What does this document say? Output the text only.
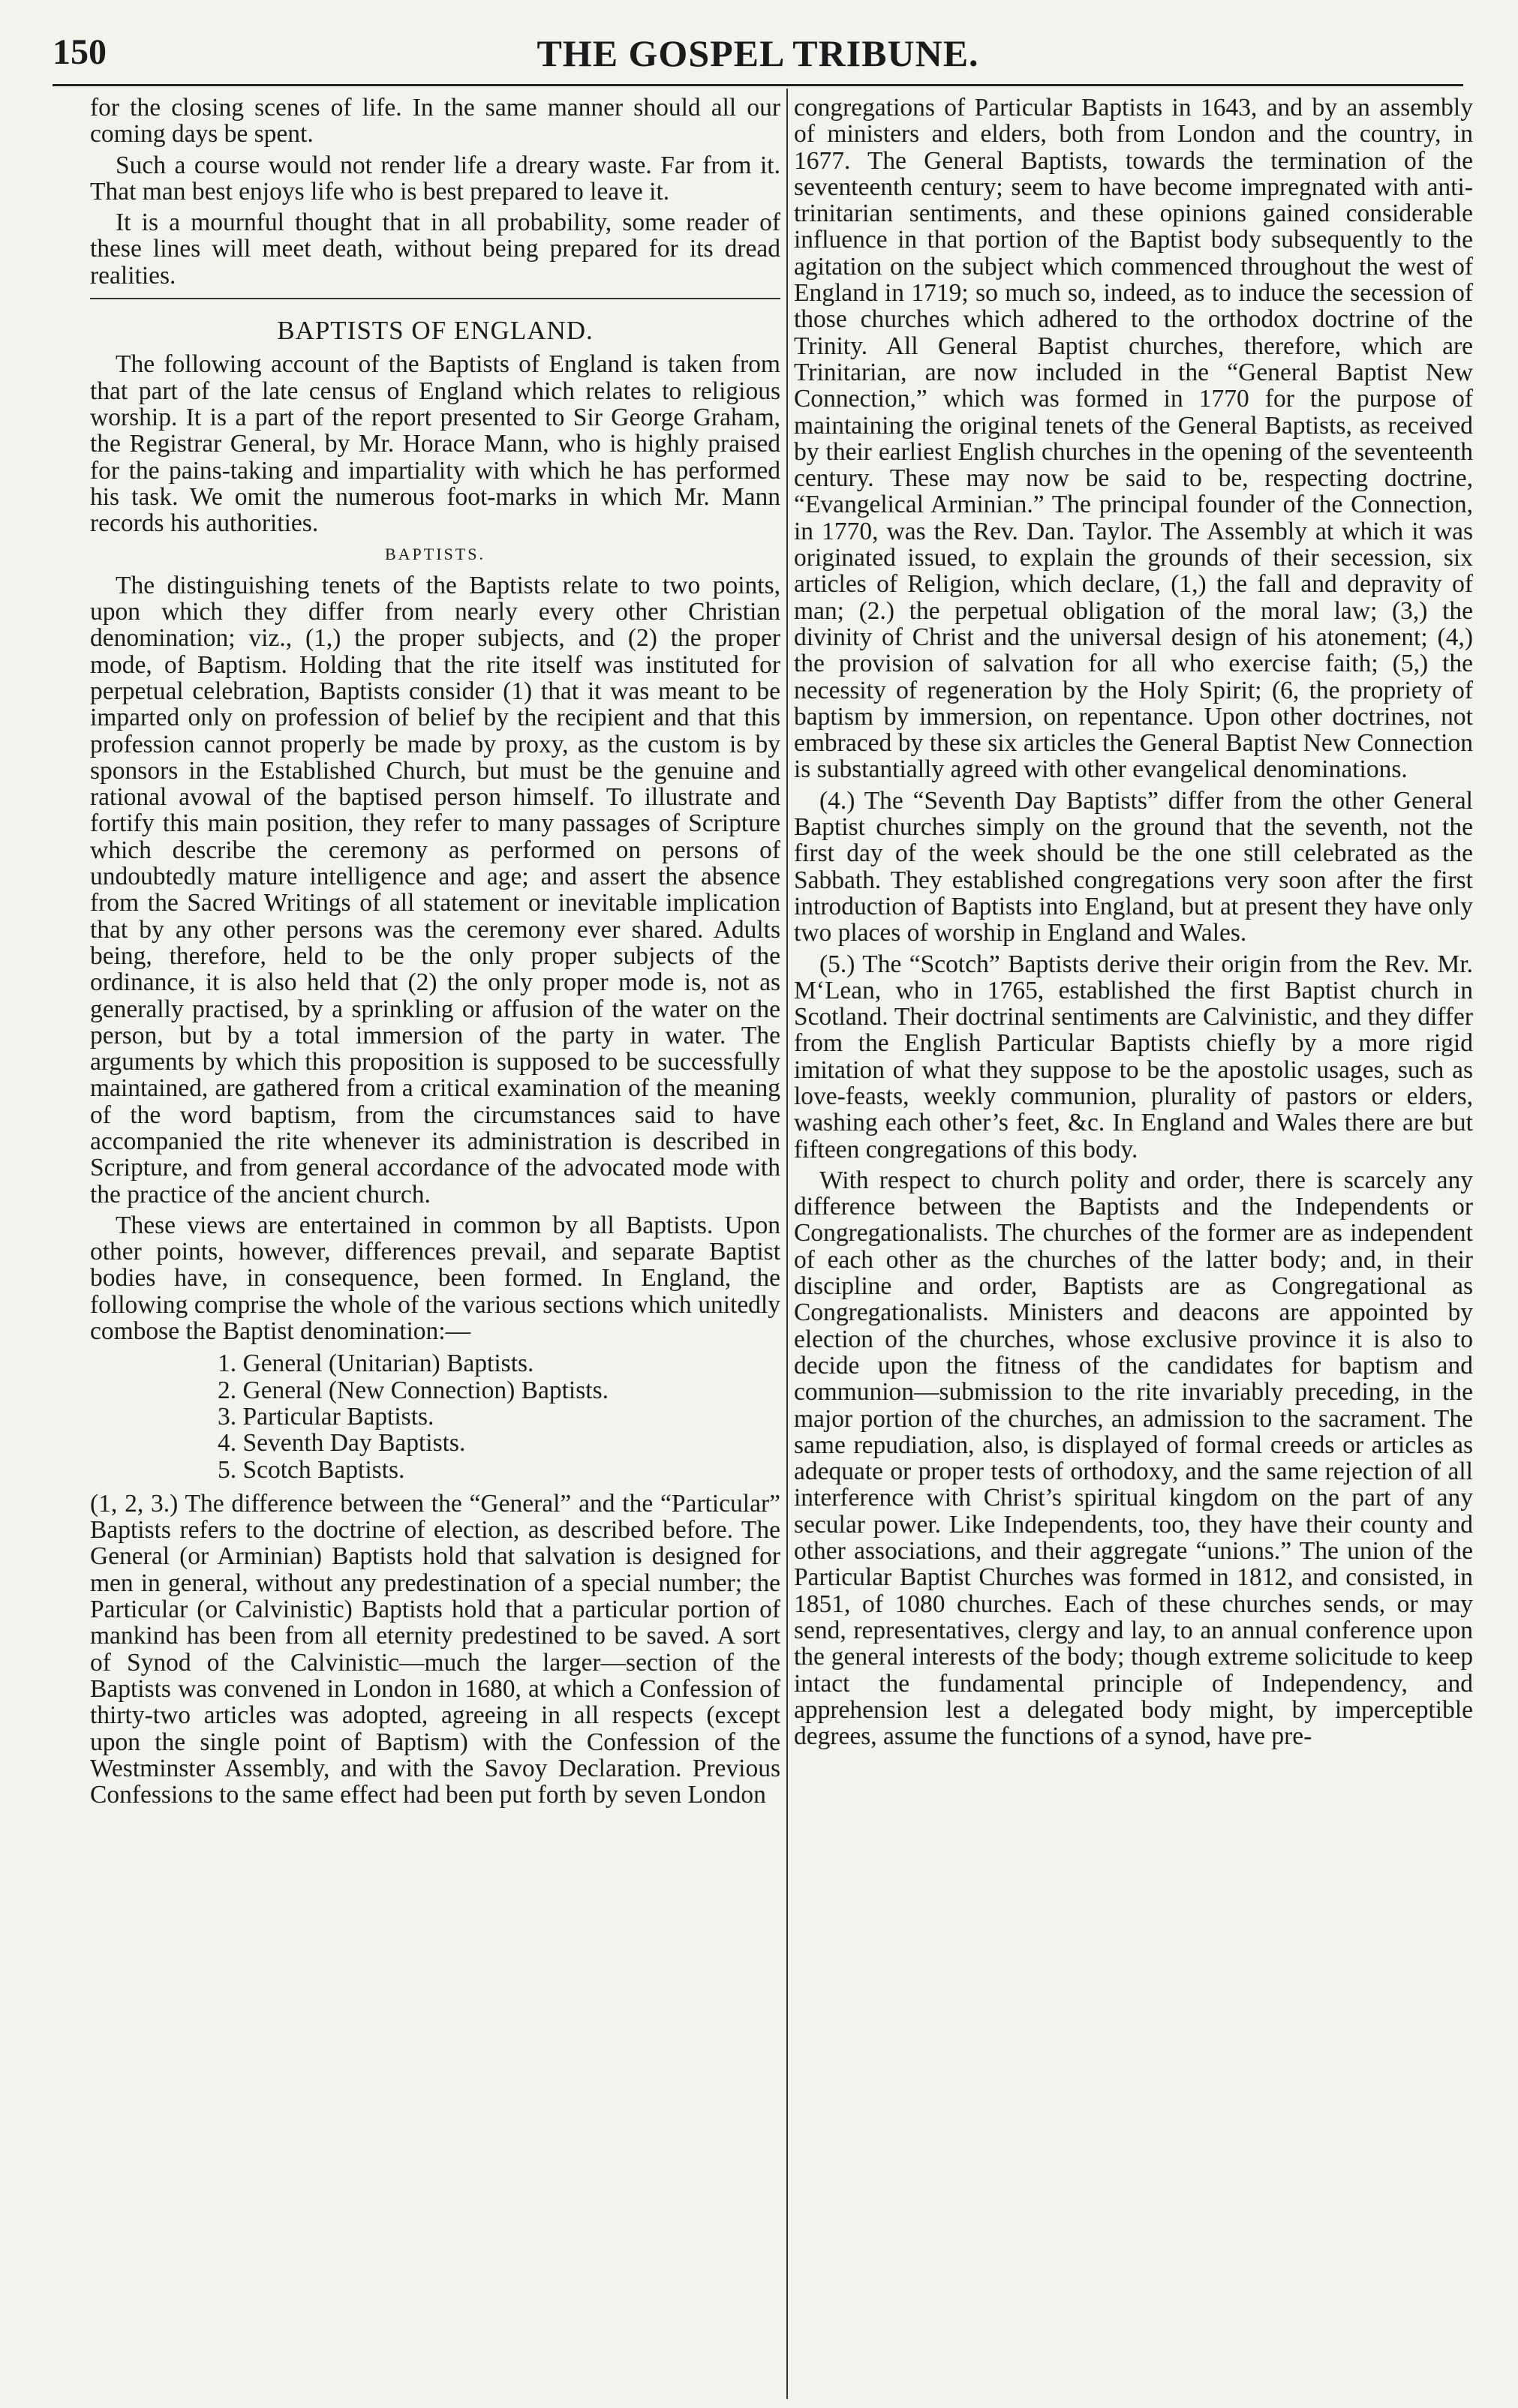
150	THE GOSPEL TRIBUNE.

for the closing scenes of life. In the same manner should all our coming days be spent.

Such a course would not render life a dreary waste. Far from it. That man best enjoys life who is best prepared to leave it.

It is a mournful thought that in all probability, some reader of these lines will meet death, without being prepared for its dread realities.

BAPTISTS OF ENGLAND.

The following account of the Baptists of England is taken from that part of the late census of England which relates to religious worship. It is a part of the report presented to Sir George Graham, the Registrar General, by Mr. Horace Mann, who is highly praised for the pains-taking and impartiality with which he has performed his task. We omit the numerous foot-marks in which Mr. Mann records his authorities.

BAPTISTS.

The distinguishing tenets of the Baptists relate to two points, upon which they differ from nearly every other Christian denomination; viz., (1,) the proper subjects, and (2) the proper mode, of Baptism. Holding that the rite itself was instituted for perpetual celebration, Baptists consider (1) that it was meant to be imparted only on profession of belief by the recipient and that this profession cannot properly be made by proxy, as the custom is by sponsors in the Established Church, but must be the genuine and rational avowal of the baptised person himself. To illustrate and fortify this main position, they refer to many passages of Scripture which describe the ceremony as performed on persons of undoubtedly mature intelligence and age; and assert the absence from the Sacred Writings of all statement or inevitable implication that by any other persons was the ceremony ever shared. Adults being, therefore, held to be the only proper subjects of the ordinance, it is also held that (2) the only proper mode is, not as generally practised, by a sprinkling or affusion of the water on the person, but by a total immersion of the party in water. The arguments by which this proposition is supposed to be successfully maintained, are gathered from a critical examination of the meaning of the word baptism, from the circumstances said to have accompanied the rite whenever its administration is described in Scripture, and from general accordance of the advocated mode with the practice of the ancient church.

These views are entertained in common by all Baptists. Upon other points, however, differences prevail, and separate Baptist bodies have, in consequence, been formed. In England, the following comprise the whole of the various sections which unitedly combose the Baptist denomination:—

1. General (Unitarian) Baptists.
2. General (New Connection) Baptists.
3. Particular Baptists.
4. Seventh Day Baptists.
5. Scotch Baptists.

(1, 2, 3.) The difference between the “General” and the “Particular” Baptists refers to the doctrine of election, as described before. The General (or Arminian) Baptists hold that salvation is designed for men in general, without any predestination of a special number; the Particular (or Calvinistic) Baptists hold that a particular portion of mankind has been from all eternity predestined to be saved. A sort of Synod of the Calvinistic—much the larger—section of the Baptists was convened in London in 1680, at which a Confession of thirty-two articles was adopted, agreeing in all respects (except upon the single point of Baptism) with the Confession of the Westminster Assembly, and with the Savoy Declaration. Previous Confessions to the same effect had been put forth by seven London

congregations of Particular Baptists in 1643, and by an assembly of ministers and elders, both from London and the country, in 1677. The General Baptists, towards the termination of the seventeenth century; seem to have become impregnated with anti-trinitarian sentiments, and these opinions gained considerable influence in that portion of the Baptist body subsequently to the agitation on the subject which commenced throughout the west of England in 1719; so much so, indeed, as to induce the secession of those churches which adhered to the orthodox doctrine of the Trinity. All General Baptist churches, therefore, which are Trinitarian, are now included in the “General Baptist New Connection,” which was formed in 1770 for the purpose of maintaining the original tenets of the General Baptists, as received by their earliest English churches in the opening of the seventeenth century. These may now be said to be, respecting doctrine, “Evangelical Arminian.” The principal founder of the Connection, in 1770, was the Rev. Dan. Taylor. The Assembly at which it was originated issued, to explain the grounds of their secession, six articles of Religion, which declare, (1,) the fall and depravity of man; (2.) the perpetual obligation of the moral law; (3,) the divinity of Christ and the universal design of his atonement; (4,) the provision of salvation for all who exercise faith; (5,) the necessity of regeneration by the Holy Spirit; (6, the propriety of baptism by immersion, on repentance. Upon other doctrines, not embraced by these six articles the General Baptist New Connection is substantially agreed with other evangelical denominations.

(4.) The “Seventh Day Baptists” differ from the other General Baptist churches simply on the ground that the seventh, not the first day of the week should be the one still celebrated as the Sabbath. They established congregations very soon after the first introduction of Baptists into England, but at present they have only two places of worship in England and Wales.

(5.) The “Scotch” Baptists derive their origin from the Rev. Mr. M‘Lean, who in 1765, established the first Baptist church in Scotland. Their doctrinal sentiments are Calvinistic, and they differ from the English Particular Baptists chiefly by a more rigid imitation of what they suppose to be the apostolic usages, such as love-feasts, weekly communion, plurality of pastors or elders, washing each other’s feet, &c. In England and Wales there are but fifteen congregations of this body.

With respect to church polity and order, there is scarcely any difference between the Baptists and the Independents or Congregationalists. The churches of the former are as independent of each other as the churches of the latter body; and, in their discipline and order, Baptists are as Congregational as Congregationalists. Ministers and deacons are appointed by election of the churches, whose exclusive province it is also to decide upon the fitness of the candidates for baptism and communion—submission to the rite invariably preceding, in the major portion of the churches, an admission to the sacrament. The same repudiation, also, is displayed of formal creeds or articles as adequate or proper tests of orthodoxy, and the same rejection of all interference with Christ’s spiritual kingdom on the part of any secular power. Like Independents, too, they have their county and other associations, and their aggregate “unions.” The union of the Particular Baptist Churches was formed in 1812, and consisted, in 1851, of 1080 churches. Each of these churches sends, or may send, representatives, clergy and lay, to an annual conference upon the general interests of the body; though extreme solicitude to keep intact the fundamental principle of Independency, and apprehension lest a delegated body might, by imperceptible degrees, assume the functions of a synod, have pre-
